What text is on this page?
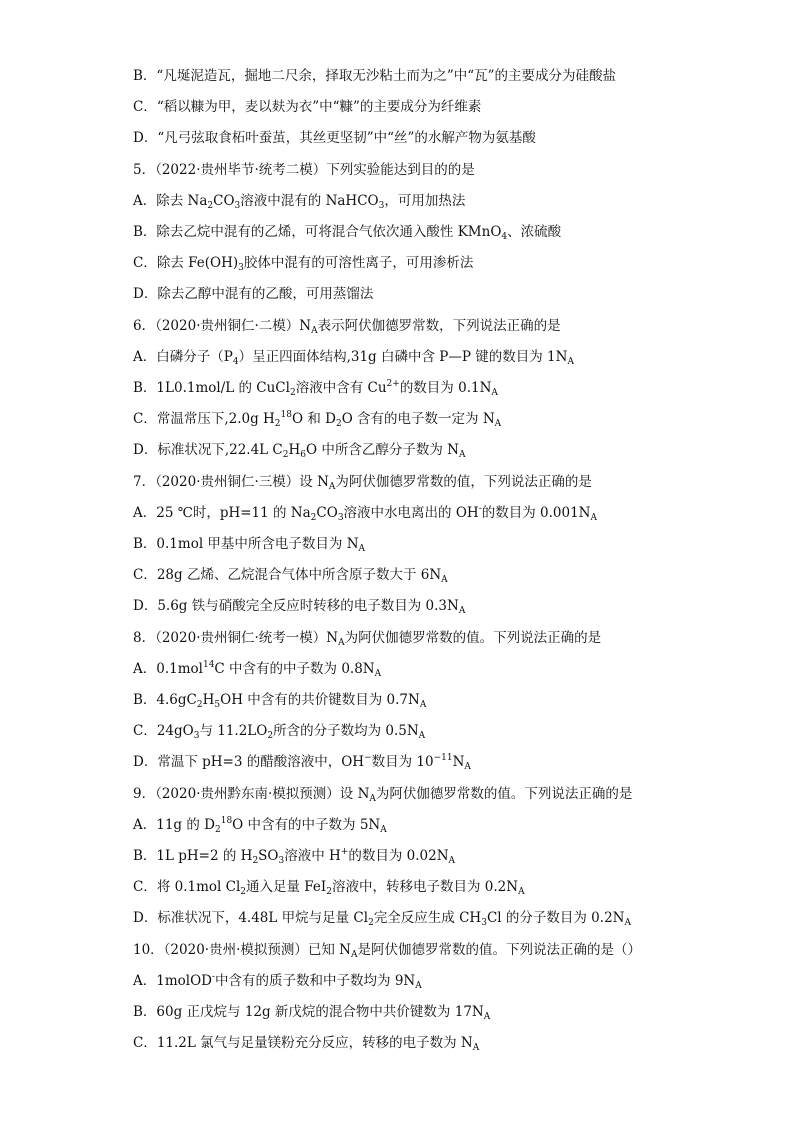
B．“凡埏泥造瓦，掘地二尺余，择取无沙粘土而为之”中“瓦”的主要成分为硅酸盐
C．“稻以糠为甲，麦以麸为衣”中“糠”的主要成分为纤维素
D．“凡弓弦取食柘叶蚕茧，其丝更坚韧”中“丝”的水解产物为氨基酸
5．（2022·贵州毕节·统考二模）下列实验能达到目的的是
A．除去 $Na_2CO_3$溶液中混有的 NaHCO$_3$，可用加热法
B．除去乙烷中混有的乙烯，可将混合气依次通入酸性 KMnO$_4$、浓硫酸
C．除去 $Fe(OH)_3$胶体中混有的可溶性离子，可用渗析法
D．除去乙醇中混有的乙酸，可用蒸馏法
6．（2020·贵州铜仁·二模）$N_A$表示阿伏伽德罗常数，下列说法正确的是
A．白磷分子$(P_4)$呈正四面体结构,31g 白磷中含 P—P 键的数目为 $1N_A$
B．1L0.1mol/L 的 CuCl$_2$溶液中含有 $Cu^{2+}$的数目为 $0.1N_A$
C．常温常压下,2.0g $H_2^{18}O$ 和 $D_2O$ 含有的电子数一定为 $N_A$
D．标准状况下,22.4L $C_2H_6O$ 中所含乙醇分子数为 $N_A$
7．（2020·贵州铜仁·三模）设 $N_A$为阿伏伽德罗常数的值，下列说法正确的是
A．25 ℃时，pH=11 的 $Na_2CO_3$溶液中水电离出的 OH-的数目为 $0.001N_A$
B．0.1mol 甲基中所含电子数目为 $N_A$
C．28g 乙烯、乙烷混合气体中所含原子数大于 $6N_A$
D．5.6g 铁与硝酸完全反应时转移的电子数目为 $0.3N_A$
8．（2020·贵州铜仁·统考一模）$N_A$为阿伏伽德罗常数的值。下列说法正确的是
A．0.1mol$^{14}$C 中含有的中子数为 $0.8N_A$
B．$4.6gC_2H_5OH$ 中含有的共价键数目为 $0.7N_A$
C．$24gO_3$与 $11.2LO_2$所含的分子数均为 $0.5N_A$
D．常温下 pH=3 的醋酸溶液中，OH−数目为 $10^{-11}N_A$
9．（2020·贵州黔东南·模拟预测）设 $N_A$为阿伏伽德罗常数的值。下列说法正确的是
A．11g 的 $D_2^{18}O$ 中含有的中子数为 $5N_A$
B．1L pH=2 的 $H_2SO_3$溶液中 H+的数目为 $0.02N_A$
C．将 0.1mol $Cl_2$通入足量 FeI$_2$溶液中，转移电子数目为 $0.2N_A$
D．标准状况下，4.48L 甲烷与足量 $Cl_2$完全反应生成 $CH_3Cl$ 的分子数目为 $0.2N_A$
10．（2020·贵州·模拟预测）已知 $N_A$是阿伏伽德罗常数的值。下列说法正确的是（）
A．1molOD-中含有的质子数和中子数均为 $9N_A$
B．60g 正戊烷与 12g 新戊烷的混合物中共价键数为 $17N_A$
C．11.2L 氯气与足量镁粉充分反应，转移的电子数为 $N_A$
